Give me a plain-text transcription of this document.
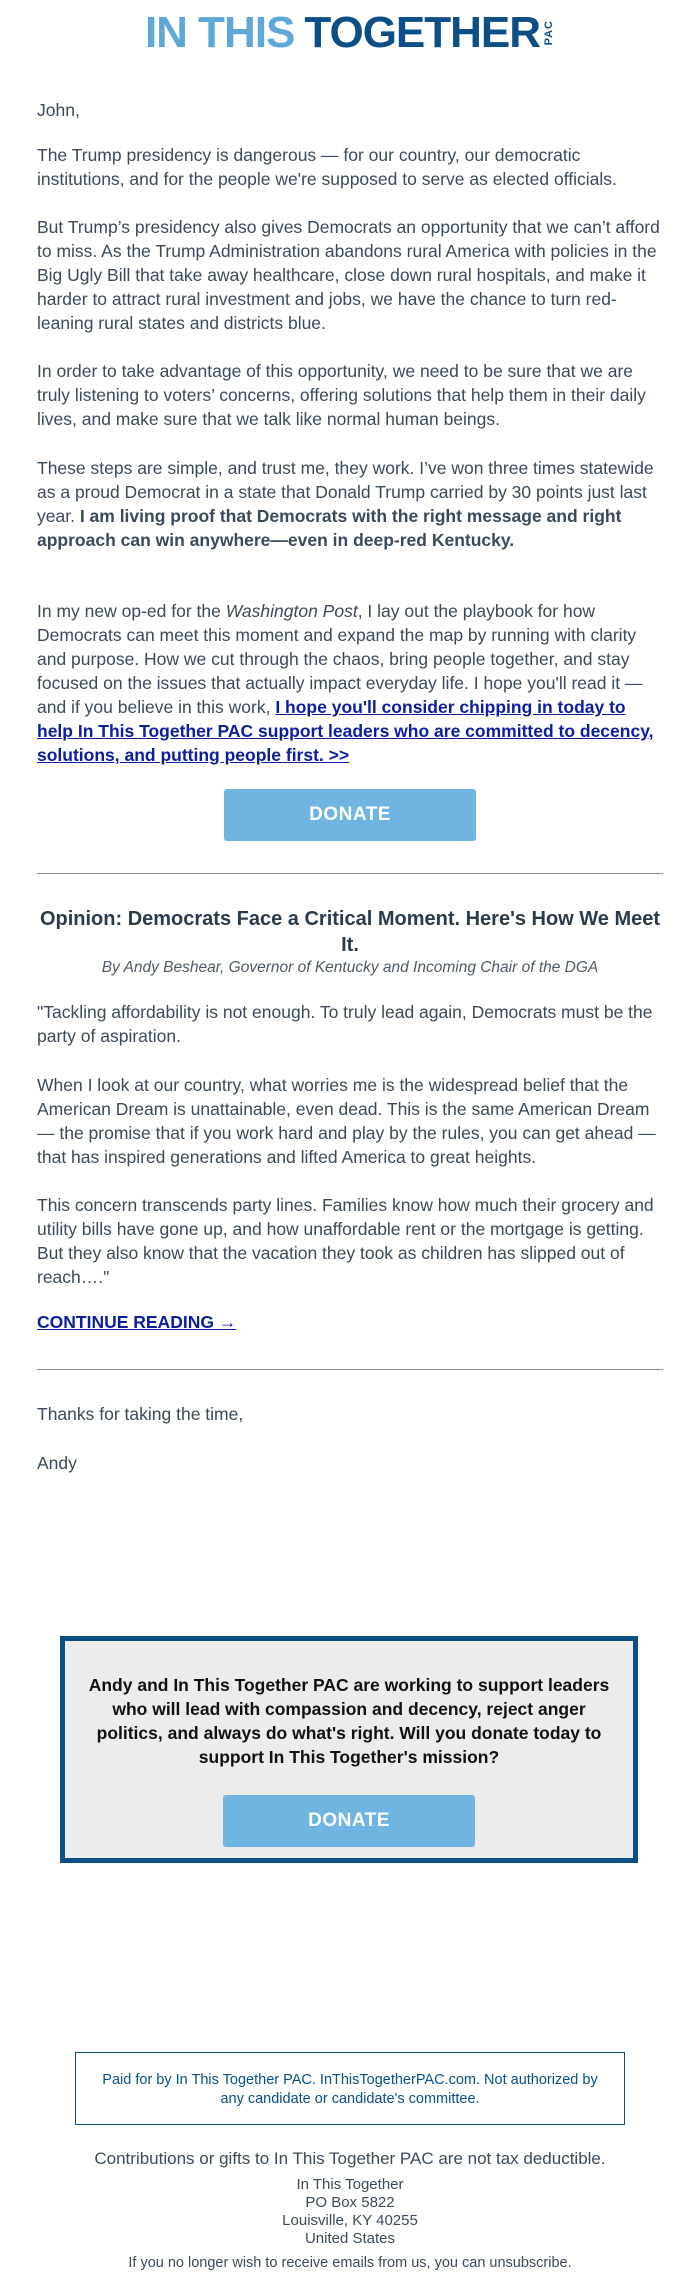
IN THIS TOGETHER PAC

John,

The Trump presidency is dangerous — for our country, our democratic institutions, and for the people we're supposed to serve as elected officials.

But Trump’s presidency also gives Democrats an opportunity that we can’t afford to miss. As the Trump Administration abandons rural America with policies in the Big Ugly Bill that take away healthcare, close down rural hospitals, and make it harder to attract rural investment and jobs, we have the chance to turn red-leaning rural states and districts blue.

In order to take advantage of this opportunity, we need to be sure that we are truly listening to voters’ concerns, offering solutions that help them in their daily lives, and make sure that we talk like normal human beings.

These steps are simple, and trust me, they work. I’ve won three times statewide as a proud Democrat in a state that Donald Trump carried by 30 points just last year. I am living proof that Democrats with the right message and right approach can win anywhere—even in deep-red Kentucky.

In my new op-ed for the Washington Post, I lay out the playbook for how Democrats can meet this moment and expand the map by running with clarity and purpose. How we cut through the chaos, bring people together, and stay focused on the issues that actually impact everyday life. I hope you'll read it — and if you believe in this work, I hope you'll consider chipping in today to help In This Together PAC support leaders who are committed to decency, solutions, and putting people first. >>

DONATE
Opinion: Democrats Face a Critical Moment. Here's How We Meet It.
By Andy Beshear, Governor of Kentucky and Incoming Chair of the DGA

"Tackling affordability is not enough. To truly lead again, Democrats must be the party of aspiration.

When I look at our country, what worries me is the widespread belief that the American Dream is unattainable, even dead. This is the same American Dream — the promise that if you work hard and play by the rules, you can get ahead — that has inspired generations and lifted America to great heights.

This concern transcends party lines. Families know how much their grocery and utility bills have gone up, and how unaffordable rent or the mortgage is getting. But they also know that the vacation they took as children has slipped out of reach…."

CONTINUE READING →

Thanks for taking the time,

Andy

Andy and In This Together PAC are working to support leaders who will lead with compassion and decency, reject anger politics, and always do what's right. Will you donate today to support In This Together's mission?
DONATE
Paid for by In This Together PAC. InThisTogetherPAC.com. Not authorized by any candidate or candidate's committee.
Contributions or gifts to In This Together PAC are not tax deductible.
In This Together
PO Box 5822
Louisville, KY 40255
United States
If you no longer wish to receive emails from us, you can unsubscribe.
